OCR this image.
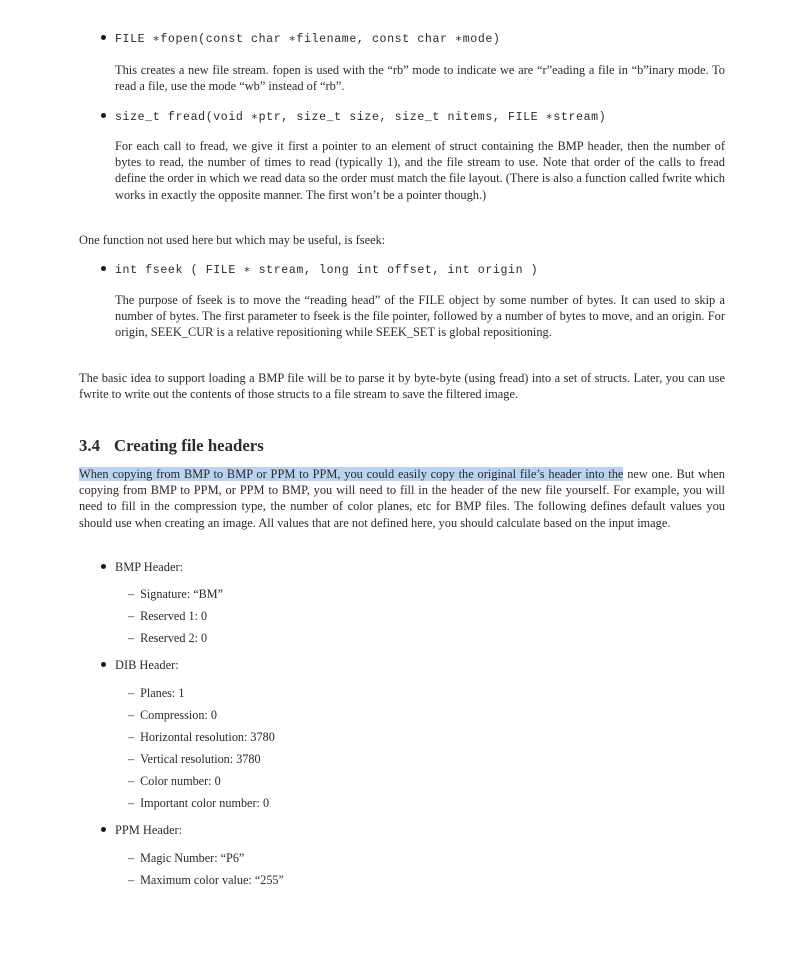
FILE ∗fopen(const char ∗filename, const char ∗mode)
This creates a new file stream. fopen is used with the “rb” mode to indicate we are “r”eading a file in “b”inary mode. To read a file, use the mode “wb” instead of “rb”.
size_t fread(void ∗ptr, size_t size, size_t nitems, FILE ∗stream)
For each call to fread, we give it first a pointer to an element of struct containing the BMP header, then the number of bytes to read, the number of times to read (typically 1), and the file stream to use. Note that order of the calls to fread define the order in which we read data so the order must match the file layout. (There is also a function called fwrite which works in exactly the opposite manner. The first won’t be a pointer though.)
One function not used here but which may be useful, is fseek:
int fseek ( FILE ∗ stream, long int offset, int origin )
The purpose of fseek is to move the “reading head” of the FILE object by some number of bytes. It can used to skip a number of bytes. The first parameter to fseek is the file pointer, followed by a number of bytes to move, and an origin. For origin, SEEK_CUR is a relative repositioning while SEEK_SET is global repositioning.
The basic idea to support loading a BMP file will be to parse it by byte-byte (using fread) into a set of structs. Later, you can use fwrite to write out the contents of those structs to a file stream to save the filtered image.
3.4 Creating file headers
When copying from BMP to BMP or PPM to PPM, you could easily copy the original file’s header into the new one. But when copying from BMP to PPM, or PPM to BMP, you will need to fill in the header of the new file yourself. For example, you will need to fill in the compression type, the number of color planes, etc for BMP files. The following defines default values you should use when creating an image. All values that are not defined here, you should calculate based on the input image.
BMP Header:
– Signature: “BM”
– Reserved 1: 0
– Reserved 2: 0
DIB Header:
– Planes: 1
– Compression: 0
– Horizontal resolution: 3780
– Vertical resolution: 3780
– Color number: 0
– Important color number: 0
PPM Header:
– Magic Number: “P6”
– Maximum color value: “255”
